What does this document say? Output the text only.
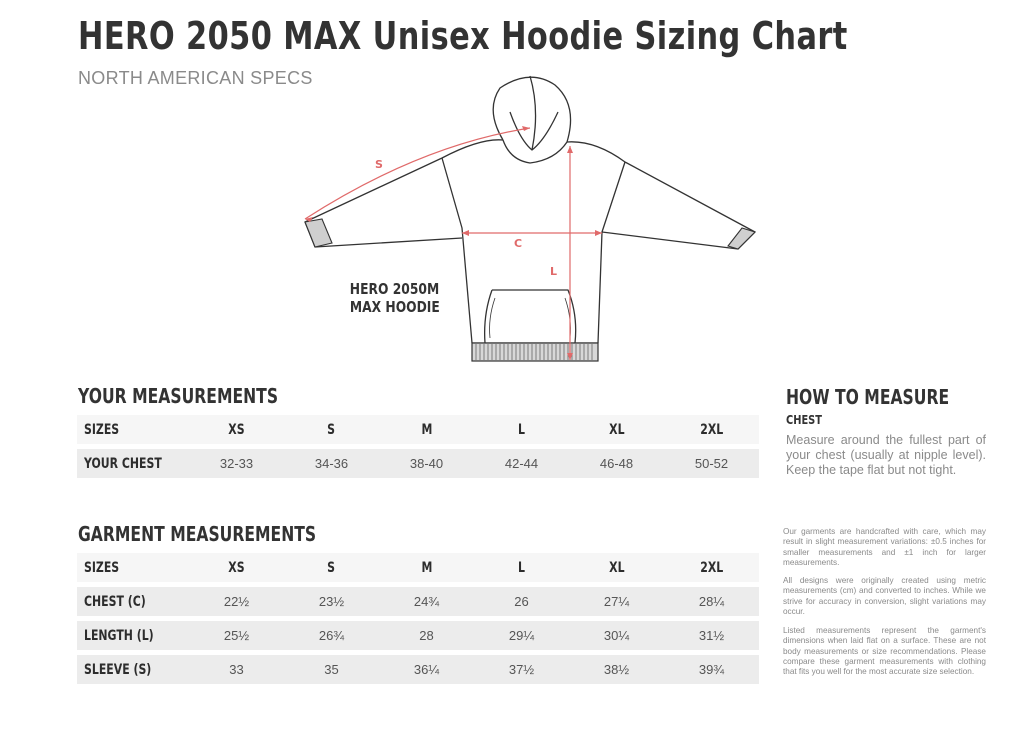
HERO 2050 MAX Unisex Hoodie Sizing Chart
NORTH AMERICAN SPECS
S
C
L
HERO 2050M
MAX HOODIE
YOUR MEASUREMENTS
SIZES	XS	S	M	L	XL	2XL

YOUR CHEST	32-33	34-36	38-40	42-44	46-48	50-52
GARMENT MEASUREMENTS
SIZES	XS	S	M	L	XL	2XL

CHEST (C)	22½	23½	24¾	26	27¼	28¼

LENGTH (L)	25½	26¾	28	29¼	30¼	31½

SLEEVE (S)	33	35	36¼	37½	38½	39¾
HOW TO MEASURE
CHEST
Measure around the fullest part of your chest (usually at nipple level). Keep the tape flat but not tight.
Our garments are handcrafted with care, which may result in slight measurement variations: ±0.5 inches for smaller measurements and ±1 inch for larger measurements.
All designs were originally created using metric measurements (cm) and converted to inches. While we strive for accuracy in conversion, slight variations may occur.
Listed measurements represent the garment's dimensions when laid flat on a surface. These are not body measurements or size recommendations. Please compare these garment measurements with clothing that fits you well for the most accurate size selection.
